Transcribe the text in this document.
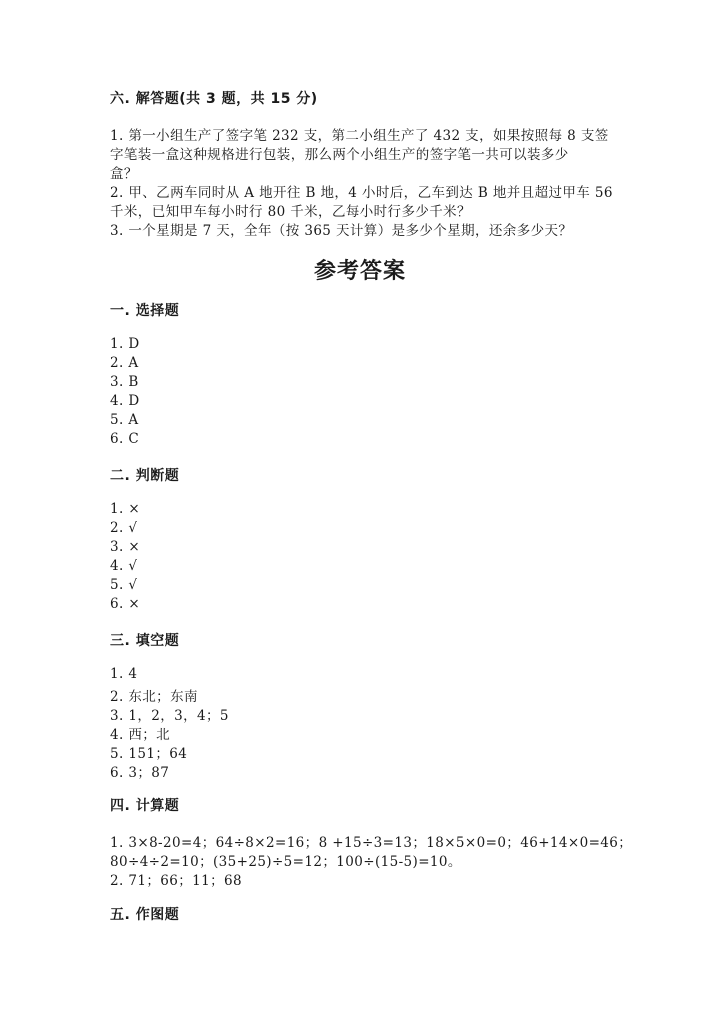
六. 解答题(共 3 题，共 15 分)
1. 第一小组生产了签字笔 232 支，第二小组生产了 432 支，如果按照每 8 支签
字笔装一盒这种规格进行包装，那么两个小组生产的签字笔一共可以装多少
盒？
2. 甲、乙两车同时从 A 地开往 B 地，4 小时后，乙车到达 B 地并且超过甲车 56
千米，已知甲车每小时行 80 千米，乙每小时行多少千米？
3. 一个星期是 7 天，全年（按 365 天计算）是多少个星期，还余多少天？
参考答案
一. 选择题
1. D
2. A
3. B
4. D
5. A
6. C
二. 判断题
1. ×
2. √
3. ×
4. √
5. √
6. ×
三. 填空题
1. 4
2. 东北；东南
3. 1，2，3，4；5
4. 西；北
5. 151；64
6. 3；87
四. 计算题
1. 3×8-20=4；64÷8×2=16；8 +15÷3=13；18×5×0=0；46+14×0=46；
80÷4÷2=10；(35+25)÷5=12；100÷(15-5)=10。
2. 71；66；11；68
五. 作图题
